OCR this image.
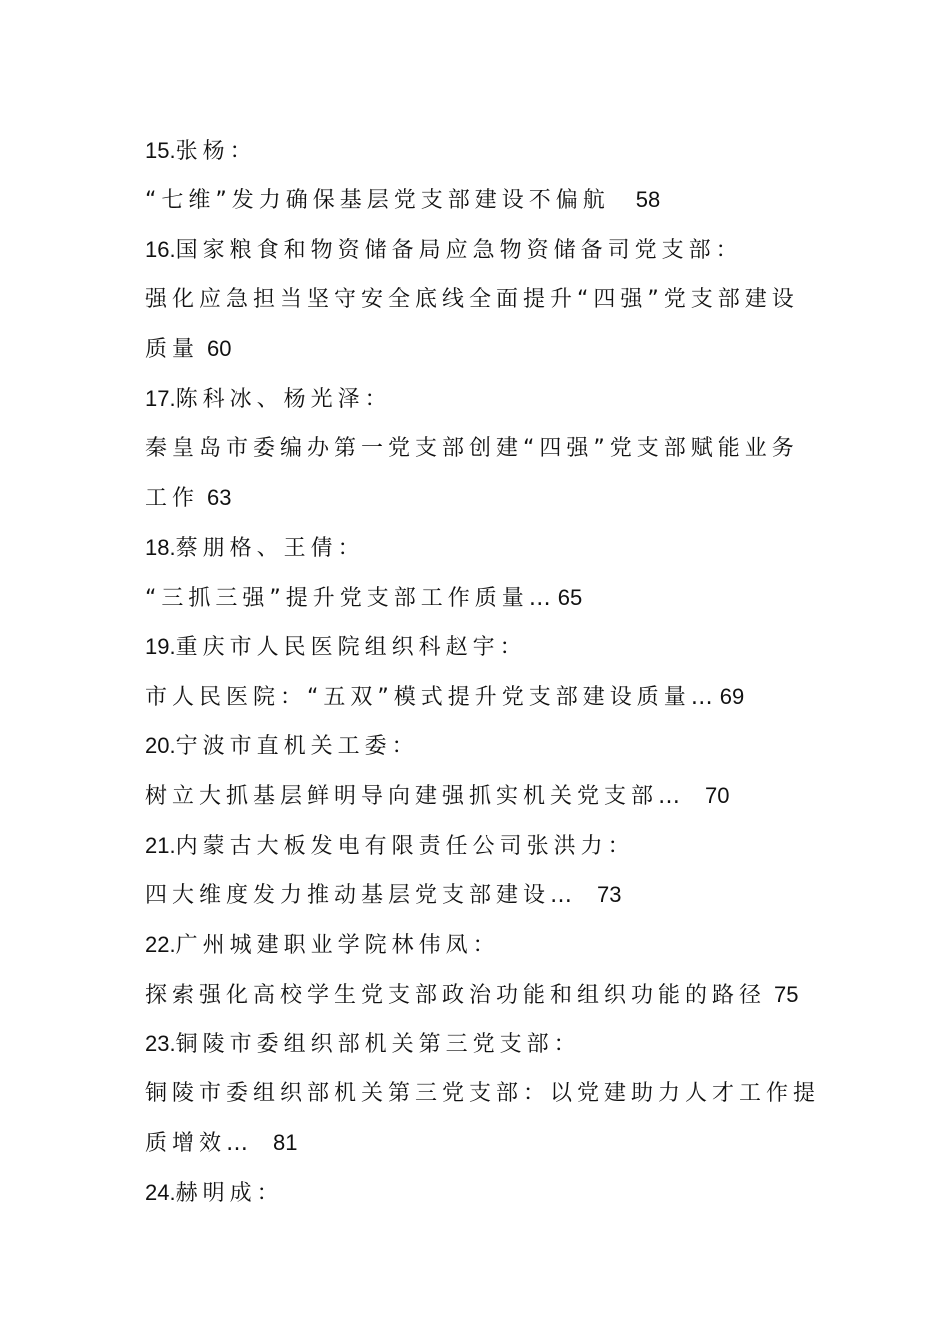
15.张杨：
“七维”发力确保基层党支部建设不偏航 58
16.国家粮食和物资储备局应急物资储备司党支部：
强化应急担当坚守安全底线全面提升“四强”党支部建设
质量 60
17.陈科冰、杨光泽：
秦皇岛市委编办第一党支部创建“四强”党支部赋能业务
工作 63
18.蔡朋格、王倩：
“三抓三强”提升党支部工作质量…65
19.重庆市人民医院组织科赵宇：
市人民医院：“五双”模式提升党支部建设质量…69
20.宁波市直机关工委：
树立大抓基层鲜明导向建强抓实机关党支部… 70
21.内蒙古大板发电有限责任公司张洪力：
四大维度发力推动基层党支部建设… 73
22.广州城建职业学院林伟凤：
探索强化高校学生党支部政治功能和组织功能的路径 75
23.铜陵市委组织部机关第三党支部：
铜陵市委组织部机关第三党支部：以党建助力人才工作提
质增效… 81
24.赫明成：
